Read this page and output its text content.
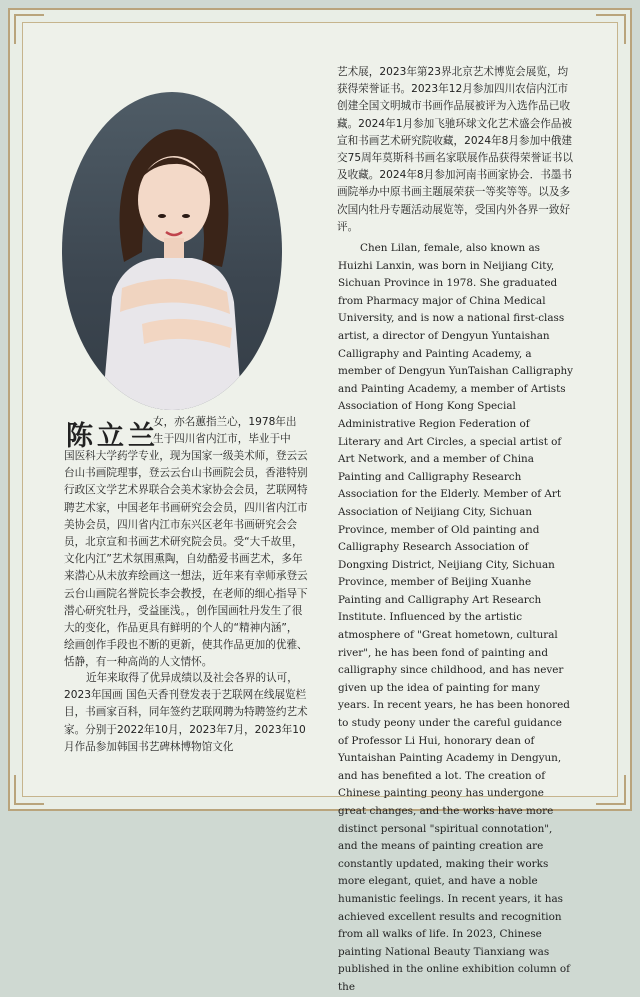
陈立兰

女，亦名蕙指兰心，1978年出生于四川省内江市，毕业于中

国医科大学药学专业，现为国家一级美术师，登云云台山书画院理事，登云云台山书画院会员，香港特别行政区文学艺术界联合会美术家协会会员，艺联网特聘艺术家，中国老年书画研究会会员，四川省内江市美协会员，四川省内江市东兴区老年书画研究会会员，北京宣和书画艺术研究院会员。受“大千故里，文化内江”艺术氛围熏陶，自幼酷爱书画艺术，多年来潜心从未放弃绘画这一想法，近年来有幸师承登云云台山画院名誉院长李会教授，在老师的细心指导下潜心研究牡丹，受益匪浅。，创作国画牡丹发生了很大的变化，作品更具有鲜明的个人的“精神内涵”，绘画创作手段也不断的更新，使其作品更加的优雅、恬静，有一种高尚的人文情怀。

近年来取得了优异成绩以及社会各界的认可，2023年国画 国色天香刊登发表于艺联网在线展览栏目，书画家百科，同年签约艺联网聘为特聘签约艺术家。分别于2022年10月，2023年7月，2023年10月作品参加韩国书艺碑林博物馆文化

艺术展，2023年第23界北京艺术博览会展览，均获得荣誉证书。2023年12月参加四川农信内江市创建全国文明城市书画作品展被评为入选作品已收藏。2024年1月参加飞驰环球文化艺术盛会作品被宣和书画艺术研究院收藏，2024年8月参加中俄建交75周年莫斯科书画名家联展作品获得荣誉证书以及收藏。2024年8月参加河南书画家协会．书墨书画院举办中原书画主题展荣获一等奖等等。以及多次国内牡丹专题活动展览等，受国内外各界一致好评。

Chen Lilan, female, also known as Huizhi Lanxin, was born in Neijiang City, Sichuan Province in 1978. She graduated from Pharmacy major of China Medical University, and is now a national first-class artist, a director of Dengyun Yuntaishan Calligraphy and Painting Academy, a member of Dengyun YunTaishan Calligraphy and Painting Academy, a member of Artists Association of Hong Kong Special Administrative Region Federation of Literary and Art Circles, a special artist of Art Network, and a member of China Painting and Calligraphy Research Association for the Elderly. Member of Art Association of Neijiang City, Sichuan Province, member of Old painting and Calligraphy Research Association of Dongxing District, Neijiang City, Sichuan Province, member of Beijing Xuanhe Painting and Calligraphy Art Research Institute. Influenced by the artistic atmosphere of "Great hometown, cultural river", he has been fond of painting and calligraphy since childhood, and has never given up the idea of painting for many years. In recent years, he has been honored to study peony under the careful guidance of Professor Li Hui, honorary dean of Yuntaishan Painting Academy in Dengyun, and has benefited a lot. The creation of Chinese painting peony has undergone great changes, and the works have more distinct personal "spiritual connotation", and the means of painting creation are constantly updated, making their works more elegant, quiet, and have a noble humanistic feelings. In recent years, it has achieved excellent results and recognition from all walks of life. In 2023, Chinese painting National Beauty Tianxiang was published in the online exhibition column of the
